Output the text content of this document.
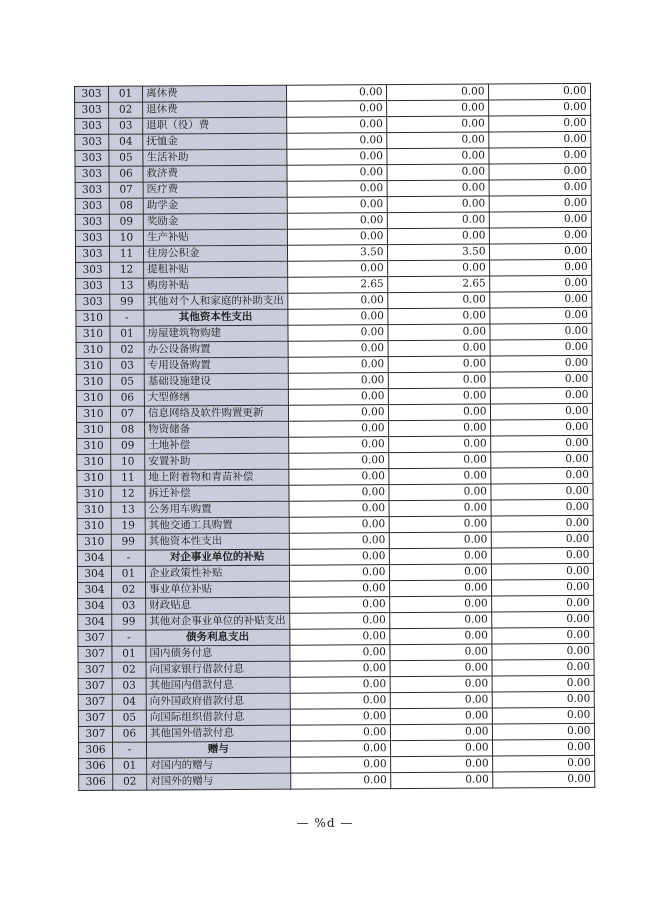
303	01	离休费	0.00	0.00	0.00
303	02	退休费	0.00	0.00	0.00
303	03	退职（役）费	0.00	0.00	0.00
303	04	抚恤金	0.00	0.00	0.00
303	05	生活补助	0.00	0.00	0.00
303	06	救济费	0.00	0.00	0.00
303	07	医疗费	0.00	0.00	0.00
303	08	助学金	0.00	0.00	0.00
303	09	奖励金	0.00	0.00	0.00
303	10	生产补贴	0.00	0.00	0.00
303	11	住房公积金	3.50	3.50	0.00
303	12	提租补贴	0.00	0.00	0.00
303	13	购房补贴	2.65	2.65	0.00
303	99	其他对个人和家庭的补助支出	0.00	0.00	0.00
310	-	其他资本性支出	0.00	0.00	0.00
310	01	房屋建筑物购建	0.00	0.00	0.00
310	02	办公设备购置	0.00	0.00	0.00
310	03	专用设备购置	0.00	0.00	0.00
310	05	基础设施建设	0.00	0.00	0.00
310	06	大型修缮	0.00	0.00	0.00
310	07	信息网络及软件购置更新	0.00	0.00	0.00
310	08	物资储备	0.00	0.00	0.00
310	09	土地补偿	0.00	0.00	0.00
310	10	安置补助	0.00	0.00	0.00
310	11	地上附着物和青苗补偿	0.00	0.00	0.00
310	12	拆迁补偿	0.00	0.00	0.00
310	13	公务用车购置	0.00	0.00	0.00
310	19	其他交通工具购置	0.00	0.00	0.00
310	99	其他资本性支出	0.00	0.00	0.00
304	-	对企事业单位的补贴	0.00	0.00	0.00
304	01	企业政策性补贴	0.00	0.00	0.00
304	02	事业单位补贴	0.00	0.00	0.00
304	03	财政贴息	0.00	0.00	0.00
304	99	其他对企事业单位的补贴支出	0.00	0.00	0.00
307	-	债务利息支出	0.00	0.00	0.00
307	01	国内债务付息	0.00	0.00	0.00
307	02	向国家银行借款付息	0.00	0.00	0.00
307	03	其他国内借款付息	0.00	0.00	0.00
307	04	向外国政府借款付息	0.00	0.00	0.00
307	05	向国际组织借款付息	0.00	0.00	0.00
307	06	其他国外借款付息	0.00	0.00	0.00
306	-	赠与	0.00	0.00	0.00
306	01	对国内的赠与	0.00	0.00	0.00
306	02	对国外的赠与	0.00	0.00	0.00
— %d —
